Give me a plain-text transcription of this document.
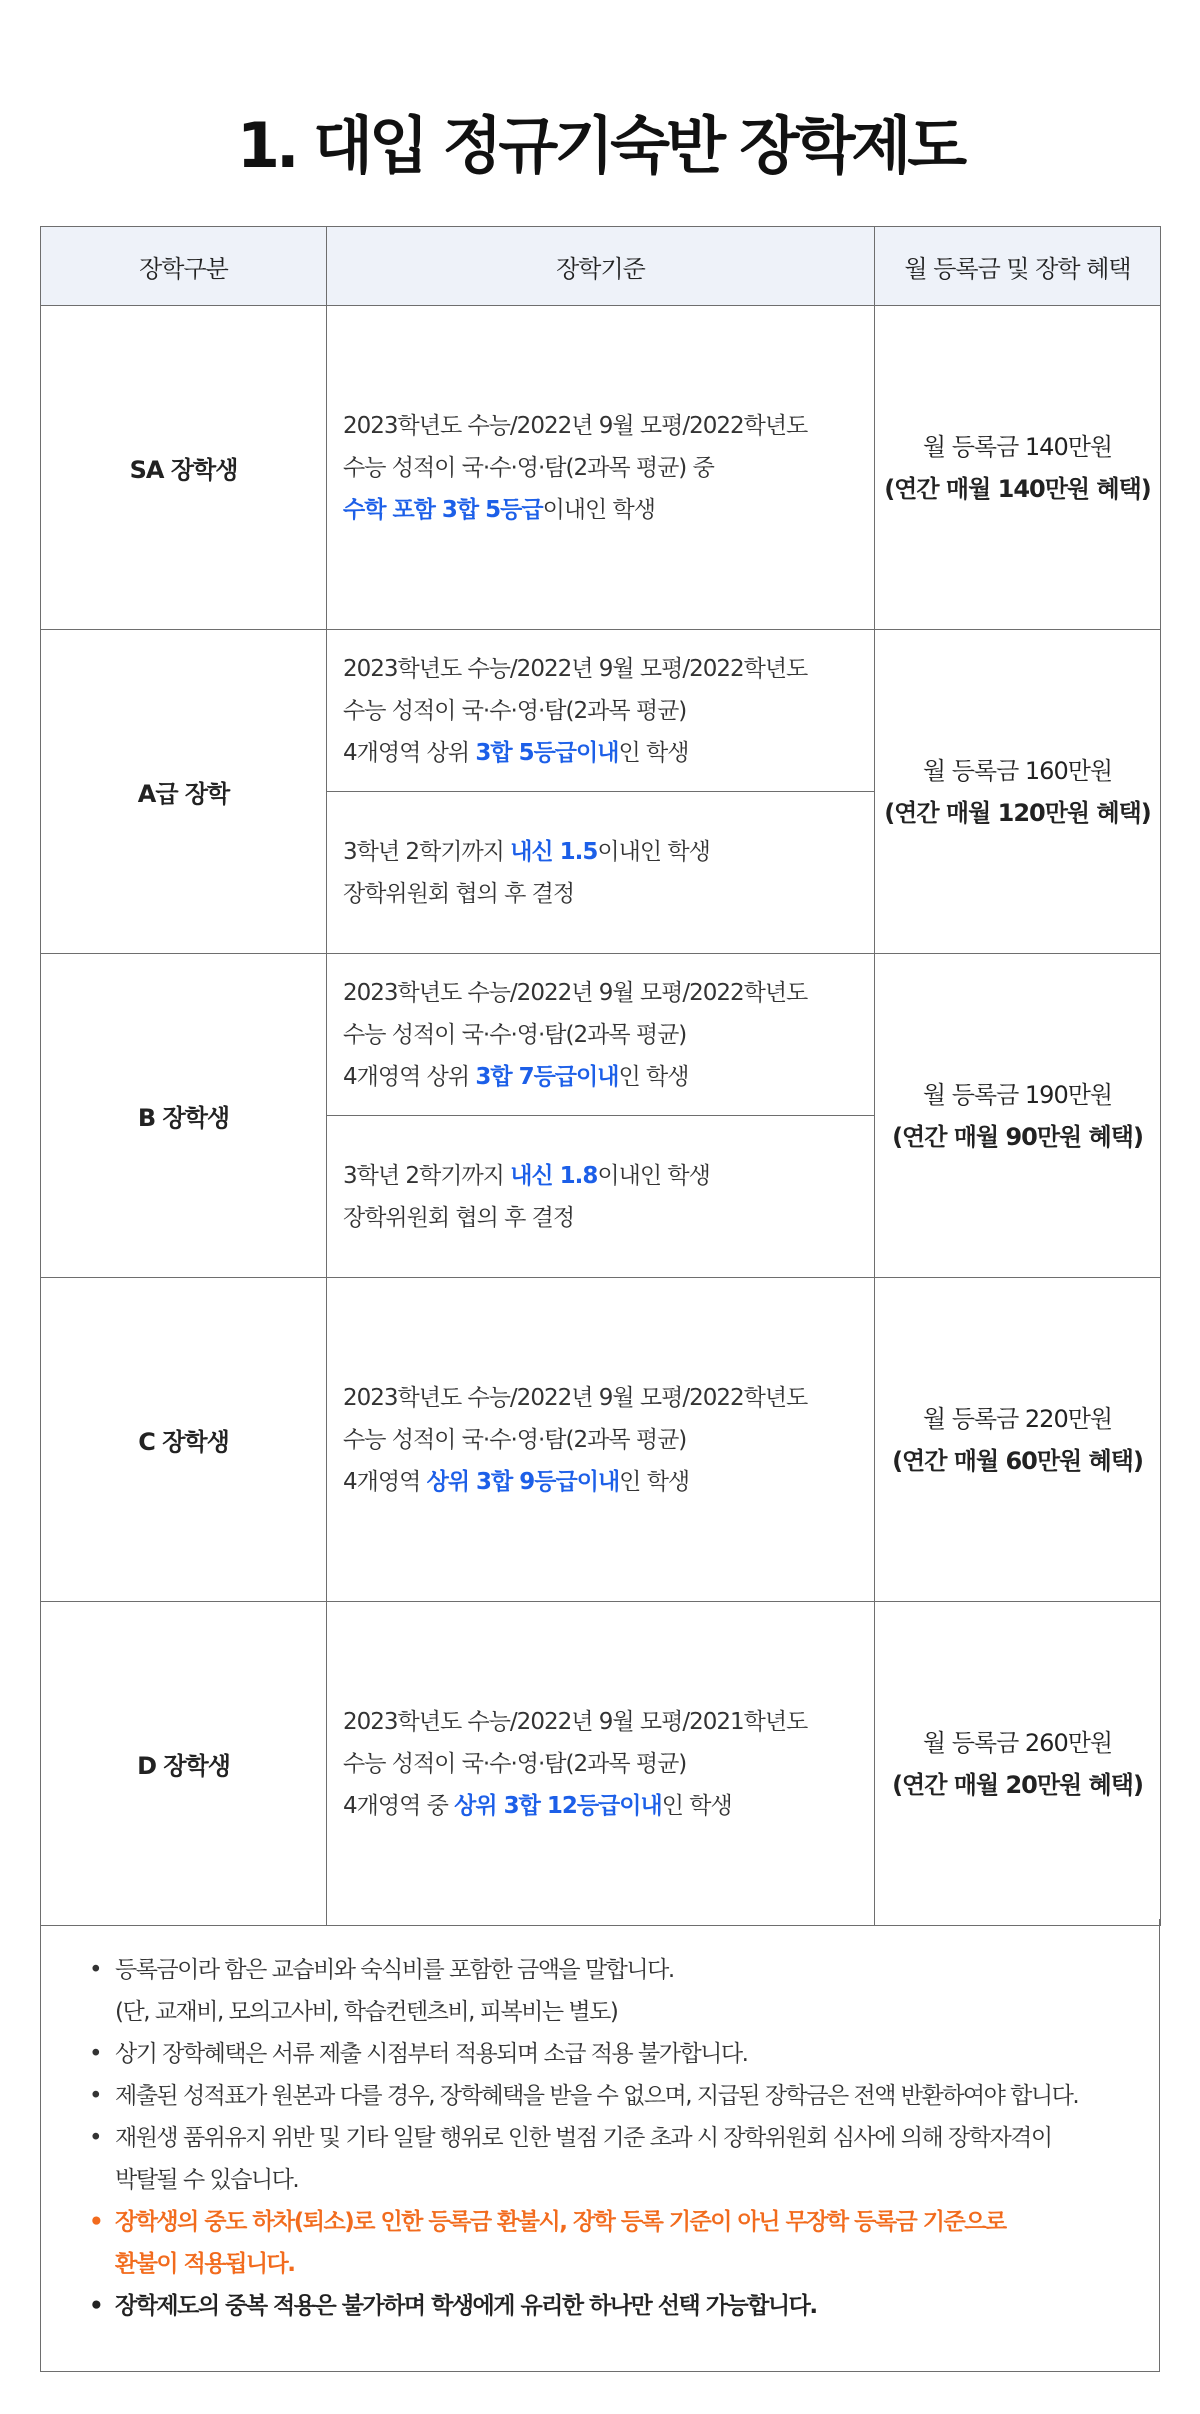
1. 대입 정규기숙반 장학제도
장학구분	장학기준	월 등록금 및 장학 혜택
SA 장학생	2023학년도 수능/2022년 9월 모평/2022학년도
수능 성적이 국·수·영·탐(2과목 평균) 중
수학 포함 3합 5등급이내인 학생	월 등록금 140만원
(연간 매월 140만원 혜택)

A급 장학	2023학년도 수능/2022년 9월 모평/2022학년도
수능 성적이 국·수·영·탐(2과목 평균)
4개영역 상위 3합 5등급이내인 학생	월 등록금 160만원
(연간 매월 120만원 혜택)

	3학년 2학기까지 내신 1.5이내인 학생
장학위원회 협의 후 결정	

B 장학생	2023학년도 수능/2022년 9월 모평/2022학년도
수능 성적이 국·수·영·탐(2과목 평균)
4개영역 상위 3합 7등급이내인 학생	월 등록금 190만원
(연간 매월 90만원 혜택)

	3학년 2학기까지 내신 1.8이내인 학생
장학위원회 협의 후 결정	

C 장학생	2023학년도 수능/2022년 9월 모평/2022학년도
수능 성적이 국·수·영·탐(2과목 평균)
4개영역 상위 3합 9등급이내인 학생	월 등록금 220만원
(연간 매월 60만원 혜택)

D 장학생	2023학년도 수능/2022년 9월 모평/2021학년도
수능 성적이 국·수·영·탐(2과목 평균)
4개영역 중 상위 3합 12등급이내인 학생	월 등록금 260만원
(연간 매월 20만원 혜택)
• 등록금이라 함은 교습비와 숙식비를 포함한 금액을 말합니다.
(단, 교재비, 모의고사비, 학습컨텐츠비, 피복비는 별도)
• 상기 장학혜택은 서류 제출 시점부터 적용되며 소급 적용 불가합니다.
• 제출된 성적표가 원본과 다를 경우, 장학혜택을 받을 수 없으며, 지급된 장학금은 전액 반환하여야 합니다.
• 재원생 품위유지 위반 및 기타 일탈 행위로 인한 벌점 기준 초과 시 장학위원회 심사에 의해 장학자격이
박탈될 수 있습니다.
• 장학생의 중도 하차(퇴소)로 인한 등록금 환불시, 장학 등록 기준이 아닌 무장학 등록금 기준으로
환불이 적용됩니다.
• 장학제도의 중복 적용은 불가하며 학생에게 유리한 하나만 선택 가능합니다.
